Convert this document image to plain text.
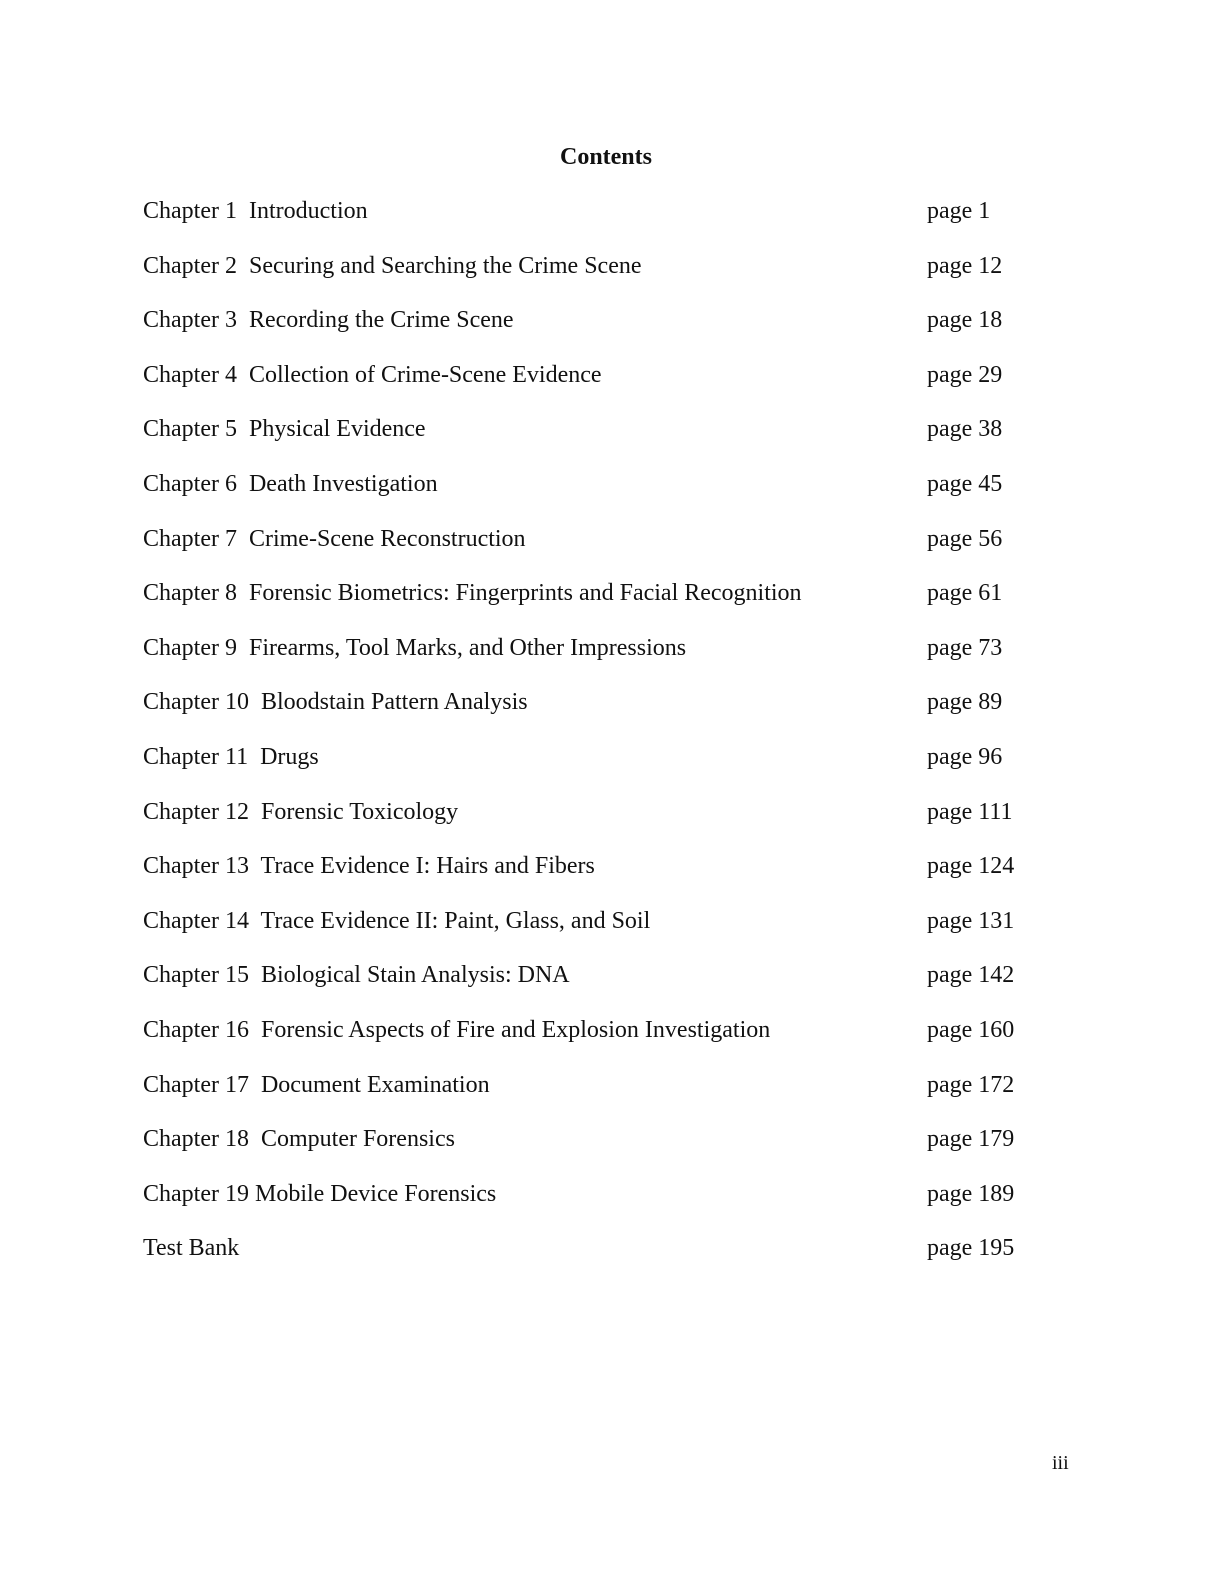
Contents
Chapter 1  Introduction	page 1
Chapter 2  Securing and Searching the Crime Scene	page 12
Chapter 3  Recording the Crime Scene	page 18
Chapter 4  Collection of Crime-Scene Evidence	page 29
Chapter 5  Physical Evidence	page 38
Chapter 6  Death Investigation	page 45
Chapter 7  Crime-Scene Reconstruction	page 56
Chapter 8  Forensic Biometrics: Fingerprints and Facial Recognition	page 61
Chapter 9  Firearms, Tool Marks, and Other Impressions	page 73
Chapter 10  Bloodstain Pattern Analysis	page 89
Chapter 11  Drugs	page 96
Chapter 12  Forensic Toxicology	page 111
Chapter 13  Trace Evidence I: Hairs and Fibers	page 124
Chapter 14  Trace Evidence II: Paint, Glass, and Soil	page 131
Chapter 15  Biological Stain Analysis: DNA	page 142
Chapter 16  Forensic Aspects of Fire and Explosion Investigation	page 160
Chapter 17  Document Examination	page 172
Chapter 18  Computer Forensics	page 179
Chapter 19 Mobile Device Forensics	page 189
Test Bank	page 195
iii
